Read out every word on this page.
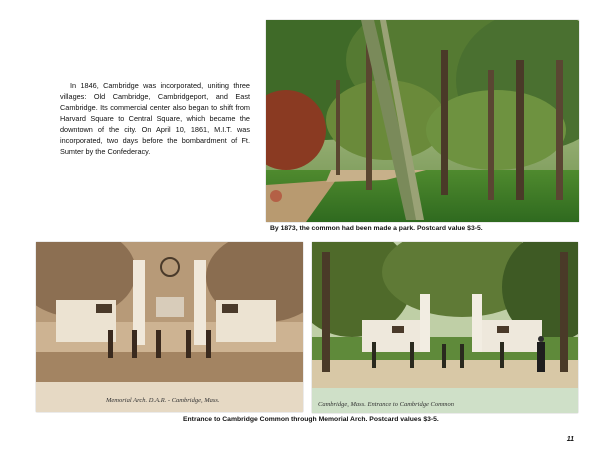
In 1846, Cambridge was incorporated, uniting three villages: Old Cambridge, Cambridgeport, and East Cambridge. Its commercial center also began to shift from Harvard Square to Central Square, which became the downtown of the city. On April 10, 1861, M.I.T. was incorporated, two days before the bombardment of Ft. Sumter by the Confederacy.

By 1873, the common had been made a park. Postcard value $3-5.
Memorial Arch. D.A.R. - Cambridge, Mass.
Cambridge, Mass. Entrance to Cambridge Common
Entrance to Cambridge Common through Memorial Arch. Postcard values $3-5.
11
